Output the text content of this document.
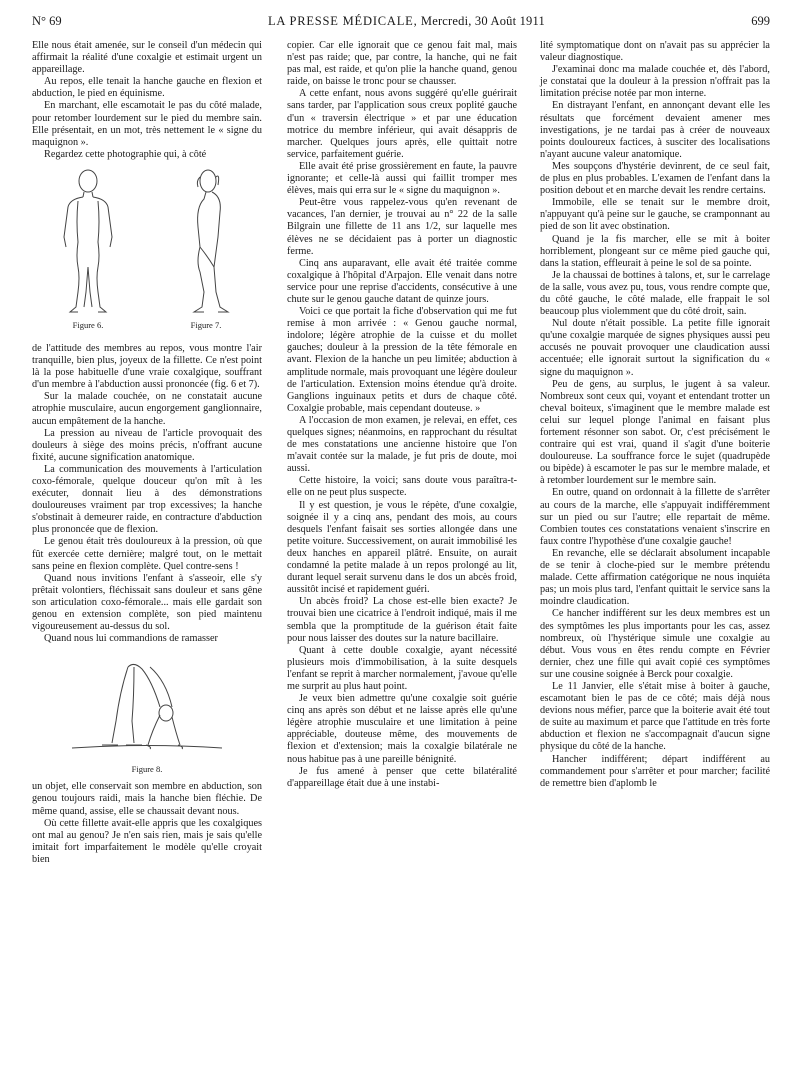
N° 69	LA PRESSE MÉDICALE, Mercredi, 30 Août 1911	699

Elle nous était amenée, sur le conseil d'un médecin qui affirmait la réalité d'une coxalgie et estimait urgent un appareillage.

Au repos, elle tenait la hanche gauche en flexion et abduction, le pied en équinisme.

En marchant, elle escamotait le pas du côté malade, pour retomber lourdement sur le pied du membre sain. Elle présentait, en un mot, très nettement le « signe du maquignon ».

Regardez cette photographie qui, à côté

Figure 6.	Figure 7.

de l'attitude des membres au repos, vous montre l'air tranquille, bien plus, joyeux de la fillette. Ce n'est point là la pose habituelle d'une vraie coxalgique, souffrant d'un membre à l'abduction aussi prononcée (fig. 6 et 7).

Sur la malade couchée, on ne constatait aucune atrophie musculaire, aucun engorgement ganglionnaire, aucun empâtement de la hanche.

La pression au niveau de l'article provoquait des douleurs à siège des moins précis, n'offrant aucune fixité, aucune signification anatomique.

La communication des mouvements à l'articulation coxo-fémorale, quelque douceur qu'on mît à les exécuter, donnait lieu à des démonstrations douloureuses vraiment par trop excessives; la hanche s'obstinait à demeurer raide, en contracture d'abduction plus prononcée que de flexion.

Le genou était très douloureux à la pression, où que fût exercée cette dernière; malgré tout, on le mettait sans peine en flexion complète. Quel contre-sens !

Quand nous invitions l'enfant à s'asseoir, elle s'y prêtait volontiers, fléchissait sans douleur et sans gêne son articulation coxo-fémorale... mais elle gardait son genou en extension complète, son pied maintenu vigoureusement au-dessus du sol.

Quand nous lui commandions de ramasser

Figure 8.

un objet, elle conservait son membre en abduction, son genou toujours raidi, mais la hanche bien fléchie. De même quand, assise, elle se chaussait devant nous.

Où cette fillette avait-elle appris que les coxalgiques ont mal au genou? Je n'en sais rien, mais je sais qu'elle imitait fort imparfaitement le modèle qu'elle croyait bien

copier. Car elle ignorait que ce genou fait mal, mais n'est pas raide; que, par contre, la hanche, qui ne fait pas mal, est raide, et qu'on plie la hanche quand, genou raide, on baisse le tronc pour se chausser.

A cette enfant, nous avons suggéré qu'elle guérirait sans tarder, par l'application sous creux poplité gauche d'un « traversin électrique » et par une éducation motrice du membre inférieur, qui avait désappris de marcher. Quelques jours après, elle quittait notre service, parfaitement guérie.

Elle avait été prise grossièrement en faute, la pauvre ignorante; et celle-là aussi qui faillit tromper mes élèves, mais qui erra sur le « signe du maquignon ».

Peut-être vous rappelez-vous qu'en revenant de vacances, l'an dernier, je trouvai au n° 22 de la salle Bilgrain une fillette de 11 ans 1/2, sur laquelle mes élèves ne se décidaient pas à porter un diagnostic ferme.

Cinq ans auparavant, elle avait été traitée comme coxalgique à l'hôpital d'Arpajon. Elle venait dans notre service pour une reprise d'accidents, consécutive à une chute sur le genou gauche datant de quinze jours.

Voici ce que portait la fiche d'observation qui me fut remise à mon arrivée : « Genou gauche normal, indolore; légère atrophie de la cuisse et du mollet gauches; douleur à la pression de la tête fémorale en avant. Flexion de la hanche un peu limitée; abduction à amplitude normale, mais provoquant une légère douleur de l'articulation. Extension moins étendue qu'à droite. Ganglions inguinaux petits et durs de chaque côté. Coxalgie probable, mais cependant douteuse. »

A l'occasion de mon examen, je relevai, en effet, ces quelques signes; néanmoins, en rapprochant du résultat de mes constatations une ancienne histoire que l'on m'avait contée sur la malade, je fut pris de doute, moi aussi.

Cette histoire, la voici; sans doute vous paraîtra-t-elle on ne peut plus suspecte.

Il y est question, je vous le répète, d'une coxalgie, soignée il y a cinq ans, pendant des mois, au cours desquels l'enfant faisait ses sorties allongée dans une petite voiture. Successivement, on aurait immobilisé les deux hanches en appareil plâtré. Ensuite, on aurait condamné la petite malade à un repos prolongé au lit, durant lequel serait survenu dans le dos un abcès froid, aussitôt incisé et rapidement guéri.

Un abcès froid? La chose est-elle bien exacte? Je trouvai bien une cicatrice à l'endroit indiqué, mais il me sembla que la promptitude de la guérison était faite pour nous laisser des doutes sur la nature bacillaire.

Quant à cette double coxalgie, ayant nécessité plusieurs mois d'immobilisation, à la suite desquels l'enfant se reprit à marcher normalement, j'avoue qu'elle me surprit au plus haut point.

Je veux bien admettre qu'une coxalgie soit guérie cinq ans après son début et ne laisse après elle qu'une légère atrophie musculaire et une limitation à peine appréciable, douteuse même, des mouvements de flexion et d'extension; mais la coxalgie bilatérale ne nous habitue pas à une pareille bénignité.

Je fus amené à penser que cette bilatéralité d'appareillage était due à une instabi-

lité symptomatique dont on n'avait pas su apprécier la valeur diagnostique.

J'examinai donc ma malade couchée et, dès l'abord, je constatai que la douleur à la pression n'offrait pas la limitation précise notée par mon interne.

En distrayant l'enfant, en annonçant devant elle les résultats que forcément devaient amener mes investigations, je ne tardai pas à créer de nouveaux points douloureux factices, à susciter des localisations n'ayant aucune valeur anatomique.

Mes soupçons d'hystérie devinrent, de ce seul fait, de plus en plus probables. L'examen de l'enfant dans la position debout et en marche devait les rendre certains.

Immobile, elle se tenait sur le membre droit, n'appuyant qu'à peine sur le gauche, se cramponnant au pied de son lit avec obstination.

Quand je la fis marcher, elle se mit à boiter horriblement, plongeant sur ce même pied gauche qui, dans la station, effleurait à peine le sol de sa pointe.

Je la chaussai de bottines à talons, et, sur le carrelage de la salle, vous avez pu, tous, vous rendre compte que, du côté gauche, le côté malade, elle frappait le sol beaucoup plus violemment que du côté droit, sain.

Nul doute n'était possible. La petite fille ignorait qu'une coxalgie marquée de signes physiques aussi peu accusés ne pouvait provoquer une claudication aussi accentuée; elle ignorait surtout la signification du « signe du maquignon ».

Peu de gens, au surplus, le jugent à sa valeur. Nombreux sont ceux qui, voyant et entendant trotter un cheval boiteux, s'imaginent que le membre malade est celui sur lequel plonge l'animal en faisant plus fortement résonner son sabot. Or, c'est précisément le contraire qui est vrai, quand il s'agit d'une boiterie douloureuse. La souffrance force le sujet (quadrupède ou bipède) à escamoter le pas sur le membre malade, et à retomber lourdement sur le membre sain.

En outre, quand on ordonnait à la fillette de s'arrêter au cours de la marche, elle s'appuyait indifféremment sur un pied ou sur l'autre; elle repartait de même. Combien toutes ces constatations venaient s'inscrire en faux contre l'hypothèse d'une coxalgie gauche!

En revanche, elle se déclarait absolument incapable de se tenir à cloche-pied sur le membre prétendu malade. Cette affirmation catégorique ne nous inquiéta pas; un mois plus tard, l'enfant quittait le service sans la moindre claudication.

Ce hancher indifférent sur les deux membres est un des symptômes les plus importants pour les cas, assez nombreux, où l'hystérique simule une coxalgie au début. Vous vous en êtes rendu compte en Février dernier, chez une fille qui avait copié ces symptômes sur une cousine soignée à Berck pour coxalgie.

Le 11 Janvier, elle s'était mise à boiter à gauche, escamotant bien le pas de ce côté; mais déjà nous devions nous méfier, parce que la boiterie avait été tout de suite au maximum et parce que l'attitude en très forte abduction et flexion ne s'accompagnait d'aucun signe physique du côté de la hanche.

Hancher indifférent; départ indifférent au commandement pour s'arrêter et pour marcher; facilité de remettre bien d'aplomb le
